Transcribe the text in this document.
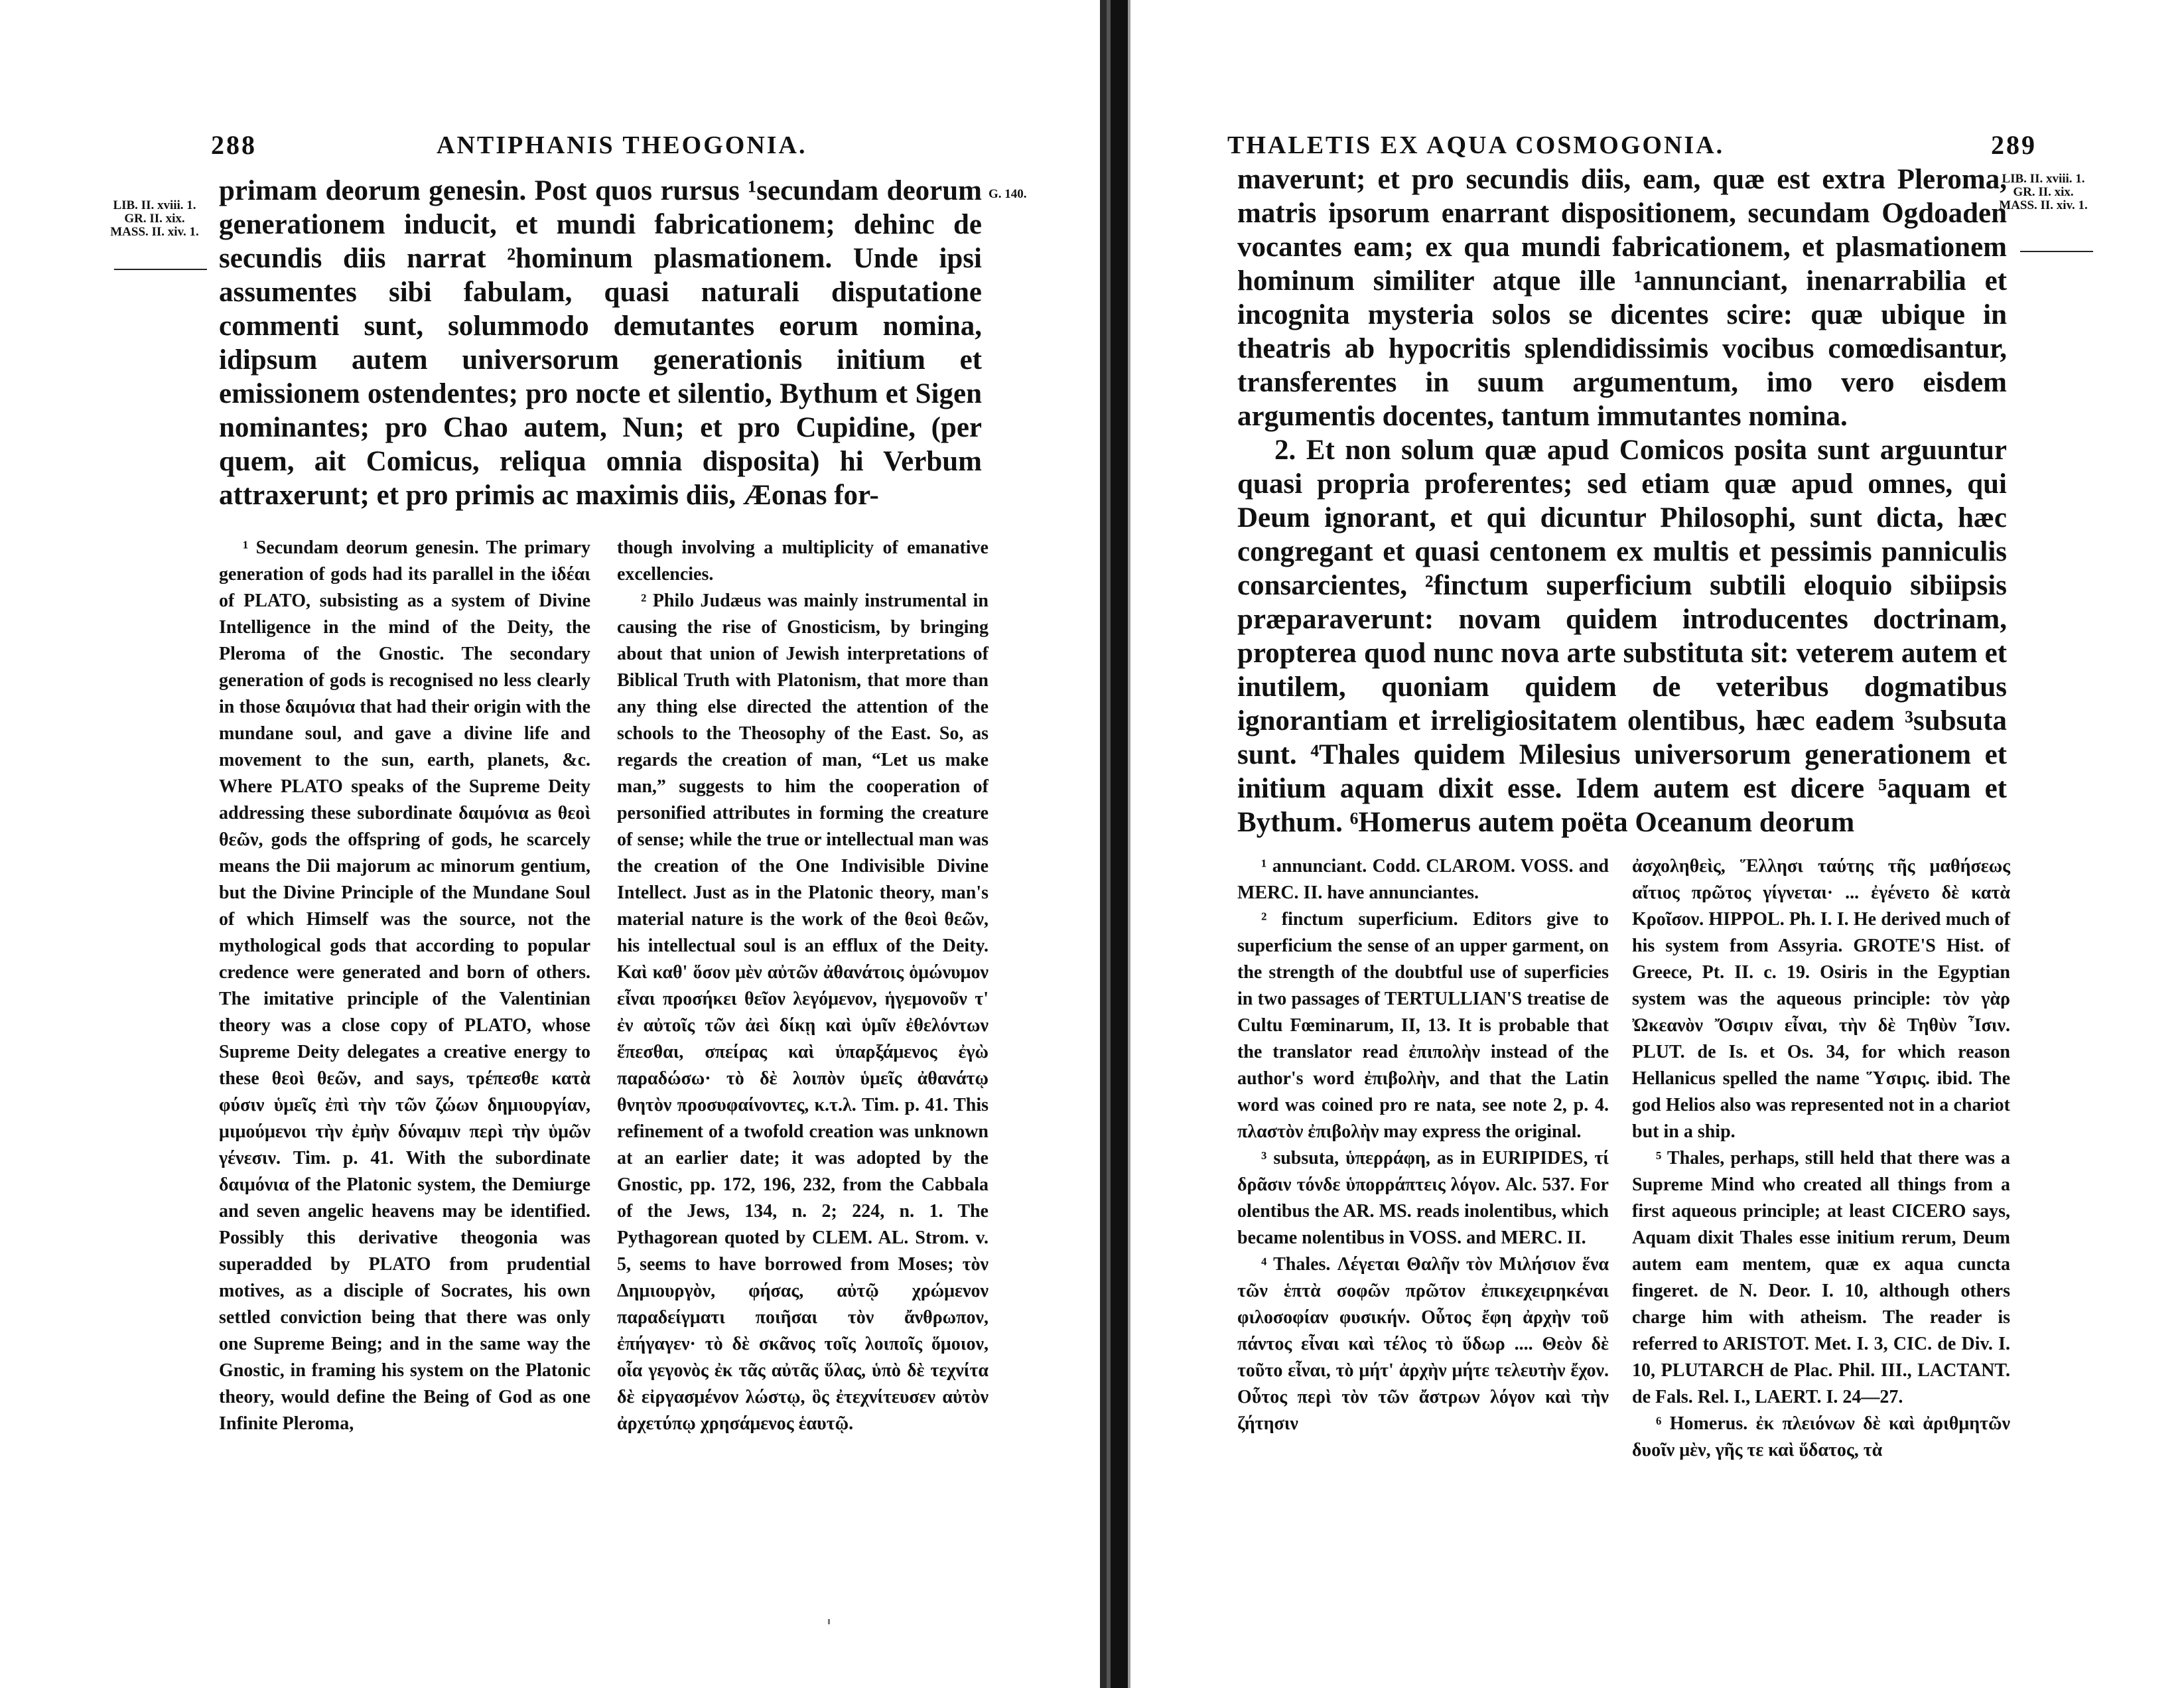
288	ANTIPHANIS THEOGONIA.
LIB. II. xviii. 1. GR. II. xix. MASS. II. xiv. 1.
G. 140.

primam deorum genesin. Post quos rursus ¹secundam deorum generationem inducit, et mundi fabricationem; dehinc de secundis diis narrat ²hominum plasmationem. Unde ipsi assumentes sibi fabulam, quasi naturali disputatione commenti sunt, solummodo demutantes eorum nomina, idipsum autem universorum generationis initium et emissionem ostendentes; pro nocte et silentio, Bythum et Sigen nominantes; pro Chao autem, Nun; et pro Cupidine, (per quem, ait Comicus, reliqua omnia disposita) hi Verbum attraxerunt; et pro primis ac maximis diis, Æonas for-

¹ Secundam deorum genesin. The primary generation of gods had its parallel in the ἰδέαι of PLATO, subsisting as a system of Divine Intelligence in the mind of the Deity, the Pleroma of the Gnostic. The secondary generation of gods is recognised no less clearly in those δαιμόνια that had their origin with the mundane soul, and gave a divine life and movement to the sun, earth, planets, &c. Where PLATO speaks of the Supreme Deity addressing these subordinate δαιμόνια as θεοὶ θεῶν, gods the offspring of gods, he scarcely means the Dii majorum ac minorum gentium, but the Divine Principle of the Mundane Soul of which Himself was the source, not the mythological gods that according to popular credence were generated and born of others. The imitative principle of the Valentinian theory was a close copy of PLATO, whose Supreme Deity delegates a creative energy to these θεοὶ θεῶν, and says, τρέπεσθε κατὰ φύσιν ὑμεῖς ἐπὶ τὴν τῶν ζώων δημιουργίαν, μιμούμενοι τὴν ἐμὴν δύναμιν περὶ τὴν ὑμῶν γένεσιν. Tim. p. 41. With the subordinate δαιμόνια of the Platonic system, the Demiurge and seven angelic heavens may be identified. Possibly this derivative theogonia was superadded by PLATO from prudential motives, as a disciple of Socrates, his own settled conviction being that there was only one Supreme Being; and in the same way the Gnostic, in framing his system on the Platonic theory, would define the Being of God as one Infinite Pleroma,

though involving a multiplicity of emanative excellencies.

² Philo Judæus was mainly instrumental in causing the rise of Gnosticism, by bringing about that union of Jewish interpretations of Biblical Truth with Platonism, that more than any thing else directed the attention of the schools to the Theosophy of the East. So, as regards the creation of man, “Let us make man,” suggests to him the cooperation of personified attributes in forming the creature of sense; while the true or intellectual man was the creation of the One Indivisible Divine Intellect. Just as in the Platonic theory, man's material nature is the work of the θεοὶ θεῶν, his intellectual soul is an efflux of the Deity. Καὶ καθ' ὅσον μὲν αὐτῶν ἀθανάτοις ὁμώνυμον εἶναι προσήκει θεῖον λεγόμενον, ἡγεμονοῦν τ' ἐν αὐτοῖς τῶν ἀεὶ δίκῃ καὶ ὑμῖν ἐθελόντων ἕπεσθαι, σπείρας καὶ ὑπαρξάμενος ἐγὼ παραδώσω· τὸ δὲ λοιπὸν ὑμεῖς ἀθανάτῳ θνητὸν προσυφαίνοντες, κ.τ.λ. Tim. p. 41. This refinement of a twofold creation was unknown at an earlier date; it was adopted by the Gnostic, pp. 172, 196, 232, from the Cabbala of the Jews, 134, n. 2; 224, n. 1. The Pythagorean quoted by CLEM. AL. Strom. v. 5, seems to have borrowed from Moses; τὸν Δημιουργὸν, φήσας, αὐτῷ χρώμενον παραδείγματι ποιῆσαι τὸν ἄνθρωπον, ἐπήγαγεν· τὸ δὲ σκᾶνος τοῖς λοιποῖς ὅμοιον, οἷα γεγονὸς ἐκ τᾶς αὐτᾶς ὕλας, ὑπὸ δὲ τεχνίτα δὲ εἰργασμένον λώστῳ, ὃς ἐτεχνίτευσεν αὐτὸν ἀρχετύπῳ χρησάμενος ἑαυτῷ.

THALETIS EX AQUA COSMOGONIA.	289
LIB. II. xviii. 1. GR. II. xix. MASS. II. xiv. 1.

maverunt; et pro secundis diis, eam, quæ est extra Pleroma, matris ipsorum enarrant dispositionem, secundam Ogdoaden vocantes eam; ex qua mundi fabricationem, et plasmationem hominum similiter atque ille ¹annunciant, inenarrabilia et incognita mysteria solos se dicentes scire: quæ ubique in theatris ab hypocritis splendidissimis vocibus comœdisantur, transferentes in suum argumentum, imo vero eisdem argumentis docentes, tantum immutantes nomina.

2. Et non solum quæ apud Comicos posita sunt arguuntur quasi propria proferentes; sed etiam quæ apud omnes, qui Deum ignorant, et qui dicuntur Philosophi, sunt dicta, hæc congregant et quasi centonem ex multis et pessimis panniculis consarcientes, ²finctum superficium subtili eloquio sibiipsis præparaverunt: novam quidem introducentes doctrinam, propterea quod nunc nova arte substituta sit: veterem autem et inutilem, quoniam quidem de veteribus dogmatibus ignorantiam et irreligiositatem olentibus, hæc eadem ³subsuta sunt. ⁴Thales quidem Milesius universorum generationem et initium aquam dixit esse. Idem autem est dicere ⁵aquam et Bythum. ⁶Homerus autem poëta Oceanum deorum

¹ annunciant. Codd. CLAROM. VOSS. and MERC. II. have annunciantes.

² finctum superficium. Editors give to superficium the sense of an upper garment, on the strength of the doubtful use of superficies in two passages of TERTULLIAN'S treatise de Cultu Fœminarum, II, 13. It is probable that the translator read ἐπιπολὴν instead of the author's word ἐπιβολὴν, and that the Latin word was coined pro re nata, see note 2, p. 4. πλαστὸν ἐπιβολὴν may express the original.

³ subsuta, ὑπερράφη, as in EURIPIDES, τί δρᾶσιν τόνδε ὑπορράπτεις λόγον. Alc. 537. For olentibus the AR. MS. reads inolentibus, which became nolentibus in VOSS. and MERC. II.

⁴ Thales. Λέγεται Θαλῆν τὸν Μιλήσιον ἕνα τῶν ἑπτὰ σοφῶν πρῶτον ἐπικεχειρηκέναι φιλοσοφίαν φυσικήν. Οὗτος ἔφη ἀρχὴν τοῦ πάντος εἶναι καὶ τέλος τὸ ὕδωρ .... Θεὸν δὲ τοῦτο εἶναι, τὸ μήτ' ἀρχὴν μήτε τελευτὴν ἔχον. Οὗτος περὶ τὸν τῶν ἄστρων λόγον καὶ τὴν ζήτησιν

ἀσχοληθεὶς, Ἕλλησι ταύτης τῆς μαθήσεως αἴτιος πρῶτος γίγνεται· ... ἐγένετο δὲ κατὰ Κροῖσον. HIPPOL. Ph. I. I. He derived much of his system from Assyria. GROTE'S Hist. of Greece, Pt. II. c. 19. Osiris in the Egyptian system was the aqueous principle: τὸν γὰρ Ὠκεανὸν Ὄσιριν εἶναι, τὴν δὲ Τηθὺν Ἶσιν. PLUT. de Is. et Os. 34, for which reason Hellanicus spelled the name Ὕσιρις. ibid. The god Helios also was represented not in a chariot but in a ship.

⁵ Thales, perhaps, still held that there was a Supreme Mind who created all things from a first aqueous principle; at least CICERO says, Aquam dixit Thales esse initium rerum, Deum autem eam mentem, quæ ex aqua cuncta fingeret. de N. Deor. I. 10, although others charge him with atheism. The reader is referred to ARISTOT. Met. I. 3, CIC. de Div. I. 10, PLUTARCH de Plac. Phil. III., LACTANT. de Fals. Rel. I., LAERT. I. 24—27.

⁶ Homerus. ἐκ πλειόνων δὲ καὶ ἀριθμητῶν δυοῖν μὲν, γῆς τε καὶ ὕδατος, τὰ
